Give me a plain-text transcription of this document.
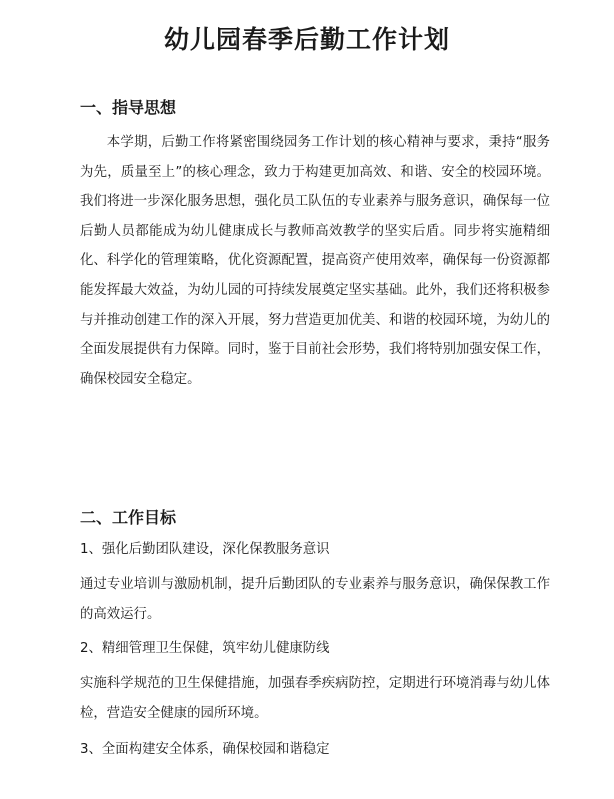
幼儿园春季后勤工作计划
一、指导思想

本学期，后勤工作将紧密围绕园务工作计划的核心精神与要求，秉持“服务为先，质量至上”的核心理念，致力于构建更加高效、和谐、安全的校园环境。我们将进一步深化服务思想，强化员工队伍的专业素养与服务意识，确保每一位后勤人员都能成为幼儿健康成长与教师高效教学的坚实后盾。同步将实施精细化、科学化的管理策略，优化资源配置，提高资产使用效率，确保每一份资源都能发挥最大效益，为幼儿园的可持续发展奠定坚实基础。此外，我们还将积极参与并推动创建工作的深入开展，努力营造更加优美、和谐的校园环境，为幼儿的全面发展提供有力保障。同时，鉴于目前社会形势，我们将特别加强安保工作，确保校园安全稳定。

二、工作目标

1、强化后勤团队建设，深化保教服务意识

通过专业培训与激励机制，提升后勤团队的专业素养与服务意识，确保保教工作的高效运行。

2、精细管理卫生保健，筑牢幼儿健康防线

实施科学规范的卫生保健措施，加强春季疾病防控，定期进行环境消毒与幼儿体检，营造安全健康的园所环境。

3、全面构建安全体系，确保校园和谐稳定
